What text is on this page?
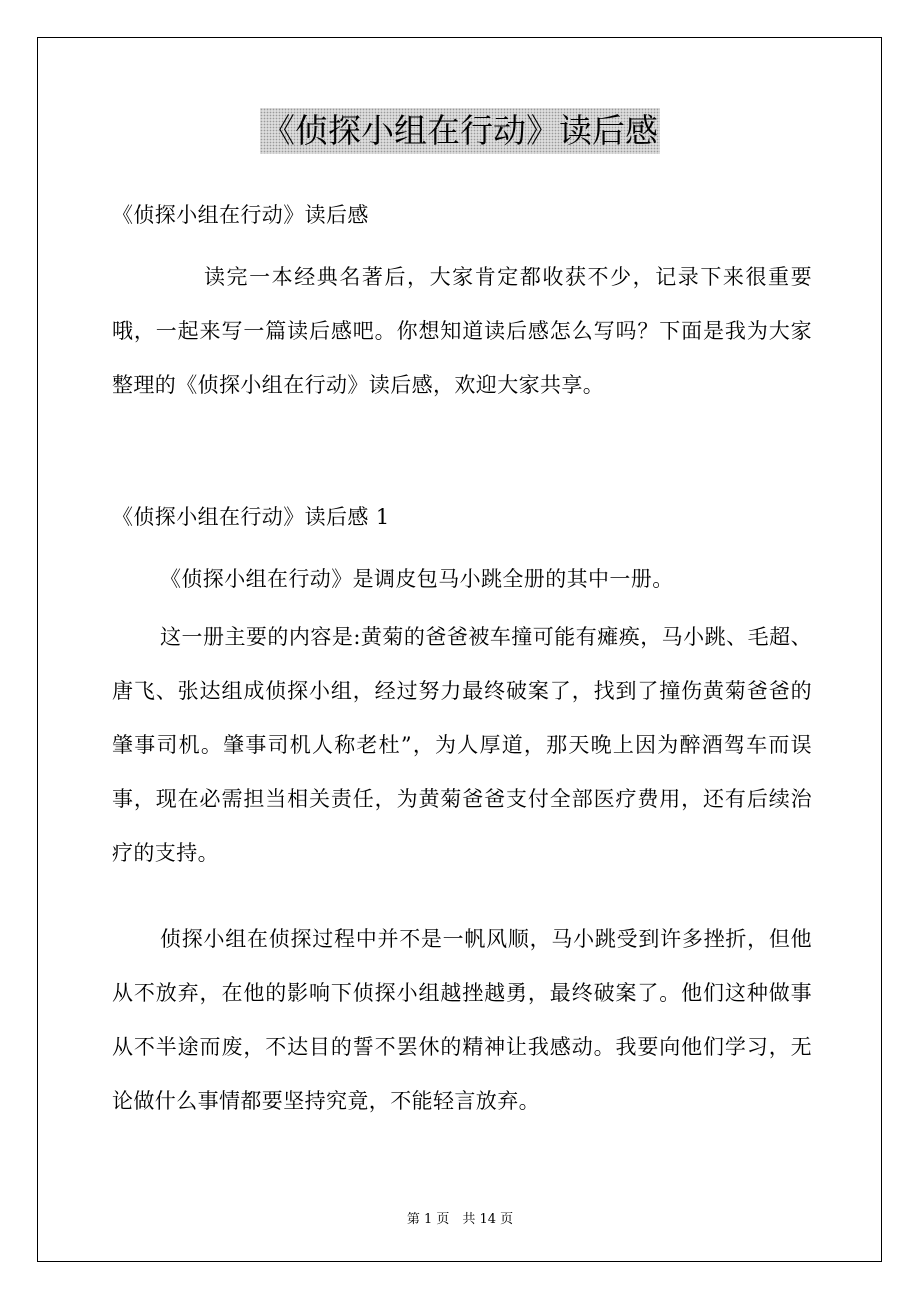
《侦探小组在行动》读后感

《侦探小组在行动》读后感

读完一本经典名著后，大家肯定都收获不少，记录下来很重要哦，一起来写一篇读后感吧。你想知道读后感怎么写吗？下面是我为大家整理的《侦探小组在行动》读后感，欢迎大家共享。

《侦探小组在行动》读后感 1

《侦探小组在行动》是调皮包马小跳全册的其中一册。

这一册主要的内容是:黄菊的爸爸被车撞可能有瘫痪，马小跳、毛超、唐飞、张达组成侦探小组，经过努力最终破案了，找到了撞伤黄菊爸爸的肇事司机。肇事司机人称老杜”，为人厚道，那天晚上因为醉酒驾车而误事，现在必需担当相关责任，为黄菊爸爸支付全部医疗费用，还有后续治疗的支持。

侦探小组在侦探过程中并不是一帆风顺，马小跳受到许多挫折，但他从不放弃，在他的影响下侦探小组越挫越勇，最终破案了。他们这种做事从不半途而废，不达目的誓不罢休的精神让我感动。我要向他们学习，无论做什么事情都要坚持究竟，不能轻言放弃。

第 1 页　共 14 页
